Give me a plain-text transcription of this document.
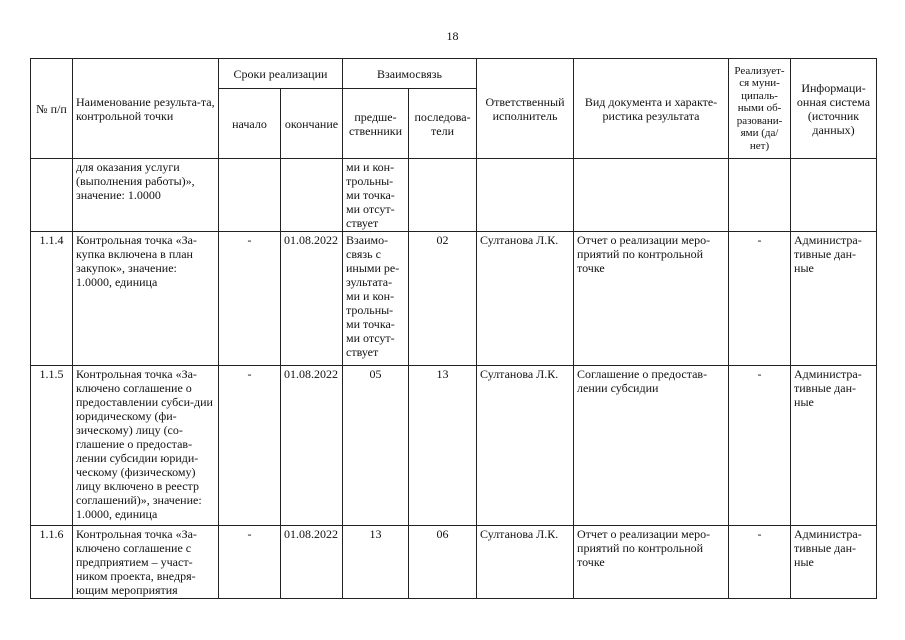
18
№ п/п	Наименование результа-та, контрольной точки	Сроки реализации		Взаимосвязь		Ответственный исполнитель	Вид документа и характе-ристика результата	Реализует-ся муни-ципаль-ными об-разовани-ями (да/нет)	Информаци-онная система (источник данных)
		начало	окончание	предше-ственники	последова-тели				
	для оказания услуги (выполнения работы)», значение: 1.0000			ми и кон-трольны-ми точка-ми отсут-ствует					
1.1.4	Контрольная точка «За-купка включена в план закупок», значение: 1.0000, единица	-	01.08.2022	Взаимо-связь с иными ре-зультата-ми и кон-трольны-ми точка-ми отсут-ствует	02	Султанова Л.К.	Отчет о реализации меро-приятий по контрольной точке	-	Администра-тивные дан-ные
1.1.5	Контрольная точка «За-ключено соглашение о предоставлении субси-дии юридическому (фи-зическому) лицу (со-глашение о предостав-лении субсидии юриди-ческому (физическому) лицу включено в реестр соглашений)», значение: 1.0000, единица	-	01.08.2022	05	13	Султанова Л.К.	Соглашение о предостав-лении субсидии	-	Администра-тивные дан-ные
1.1.6	Контрольная точка «За-ключено соглашение с предприятием – участ-ником проекта, внедря-ющим мероприятия	-	01.08.2022	13	06	Султанова Л.К.	Отчет о реализации меро-приятий по контрольной точке	-	Администра-тивные дан-ные
